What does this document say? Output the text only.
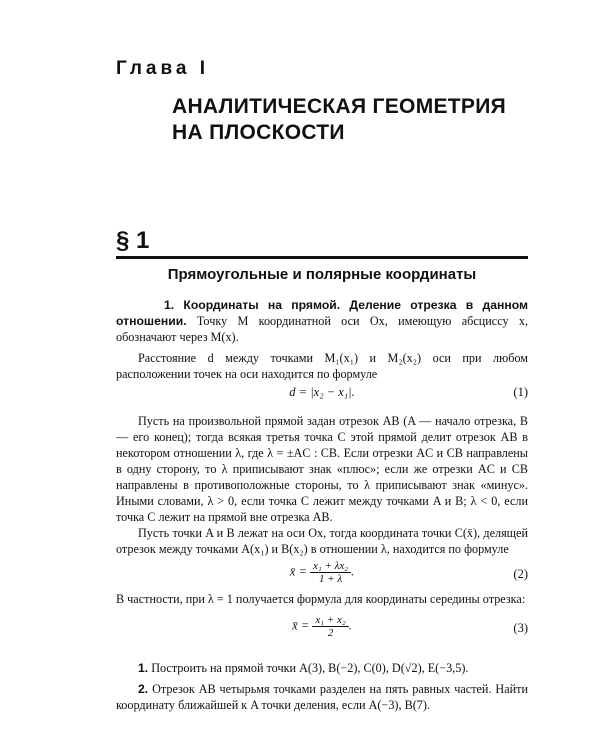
Глава I
АНАЛИТИЧЕСКАЯ ГЕОМЕТРИЯ
НА ПЛОСКОСТИ
§ 1
Прямоугольные и полярные координаты
1. Координаты на прямой. Деление отрезка в данном отношении. Точку M координатной оси Ox, имеющую абсциссу x, обозначают через M(x).
Расстояние d между точками M₁(x₁) и M₂(x₂) оси при любом расположении точек на оси находится по формуле
d = |x₂ − x₁|.	(1)
Пусть на произвольной прямой задан отрезок AB (A — начало отрезка, B — его конец); тогда всякая третья точка C этой прямой делит отрезок AB в некотором отношении λ, где λ = ±AC : CB. Если отрезки AC и CB направлены в одну сторону, то λ приписывают знак «плюс»; если же отрезки AC и CB направлены в противоположные стороны, то λ приписывают знак «минус». Иными словами, λ > 0, если точка C лежит между точками A и B; λ < 0, если точка C лежит на прямой вне отрезка AB.
Пусть точки A и B лежат на оси Ox, тогда координата точки C(x̄), делящей отрезок между точками A(x₁) и B(x₂) в отношении λ, находится по формуле
x̄ = $\frac{\text{x₁ + λx₂}}{1 + \lambda}$ .	(2)
В частности, при λ = 1 получается формула для координаты середины отрезка:
x̄ = $\frac{\text{x₁ + x₂}}{2}$ .	(3)
1. Построить на прямой точки A(3), B(−2), C(0), D(√2), E(−3,5).
2. Отрезок AB четырьмя точками разделен на пять равных частей. Найти координату ближайшей к A точки деления, если A(−3), B(7).
